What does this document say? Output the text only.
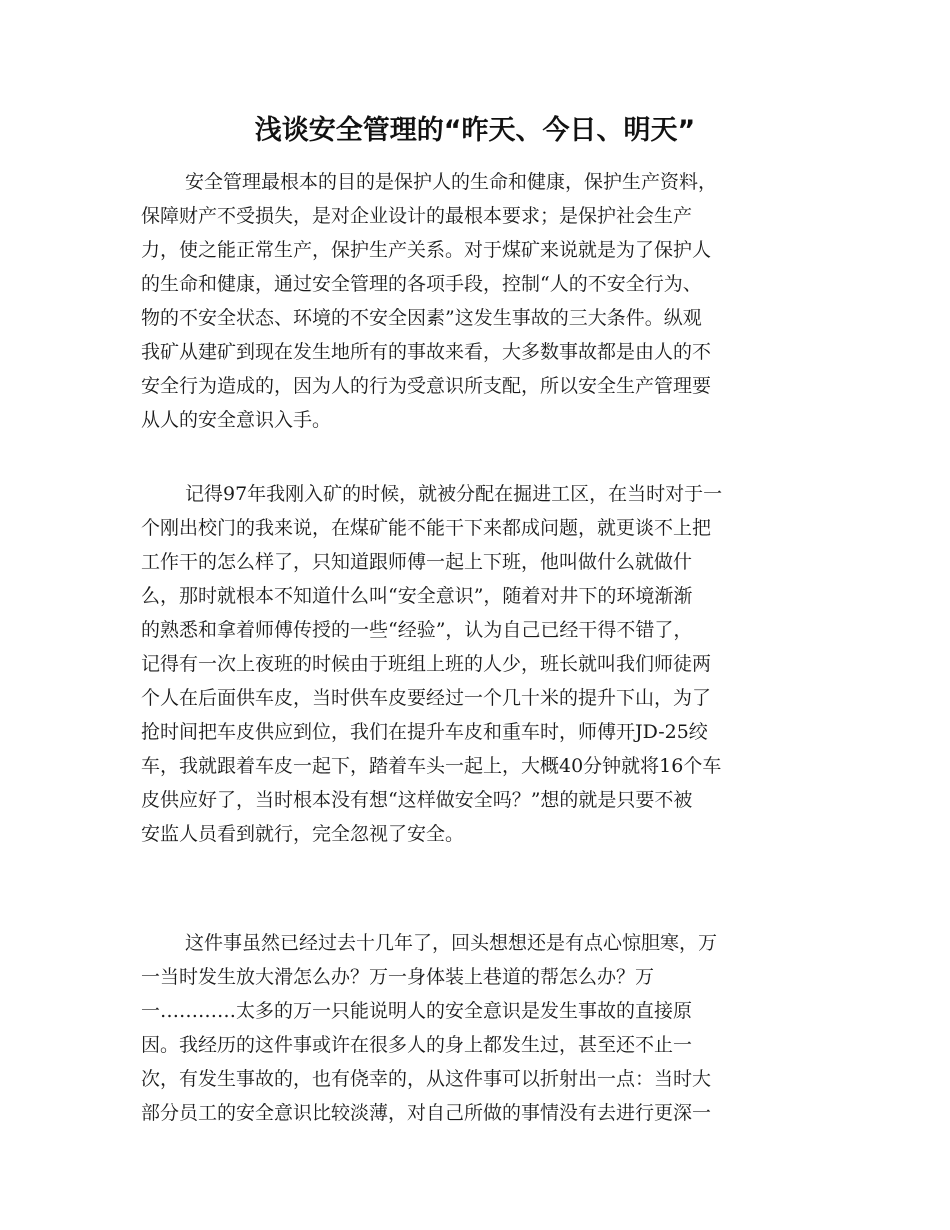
浅谈安全管理的“昨天、今日、明天”
安全管理最根本的目的是保护人的生命和健康，保护生产资料，
保障财产不受损失，是对企业设计的最根本要求；是保护社会生产
力，使之能正常生产，保护生产关系。对于煤矿来说就是为了保护人
的生命和健康，通过安全管理的各项手段，控制“人的不安全行为、
物的不安全状态、环境的不安全因素”这发生事故的三大条件。纵观
我矿从建矿到现在发生地所有的事故来看，大多数事故都是由人的不
安全行为造成的，因为人的行为受意识所支配，所以安全生产管理要
从人的安全意识入手。
记得97年我刚入矿的时候，就被分配在掘进工区，在当时对于一
个刚出校门的我来说，在煤矿能不能干下来都成问题，就更谈不上把
工作干的怎么样了，只知道跟师傅一起上下班，他叫做什么就做什
么，那时就根本不知道什么叫“安全意识”，随着对井下的环境渐渐
的熟悉和拿着师傅传授的一些“经验”，认为自己已经干得不错了，
记得有一次上夜班的时候由于班组上班的人少，班长就叫我们师徒两
个人在后面供车皮，当时供车皮要经过一个几十米的提升下山，为了
抢时间把车皮供应到位，我们在提升车皮和重车时，师傅开JD-25绞
车，我就跟着车皮一起下，踏着车头一起上，大概40分钟就将16个车
皮供应好了，当时根本没有想“这样做安全吗？”想的就是只要不被
安监人员看到就行，完全忽视了安全。
这件事虽然已经过去十几年了，回头想想还是有点心惊胆寒，万
一当时发生放大滑怎么办？万一身体装上巷道的帮怎么办？万
一…………太多的万一只能说明人的安全意识是发生事故的直接原
因。我经历的这件事或许在很多人的身上都发生过，甚至还不止一
次，有发生事故的，也有侥幸的，从这件事可以折射出一点：当时大
部分员工的安全意识比较淡薄，对自己所做的事情没有去进行更深一
